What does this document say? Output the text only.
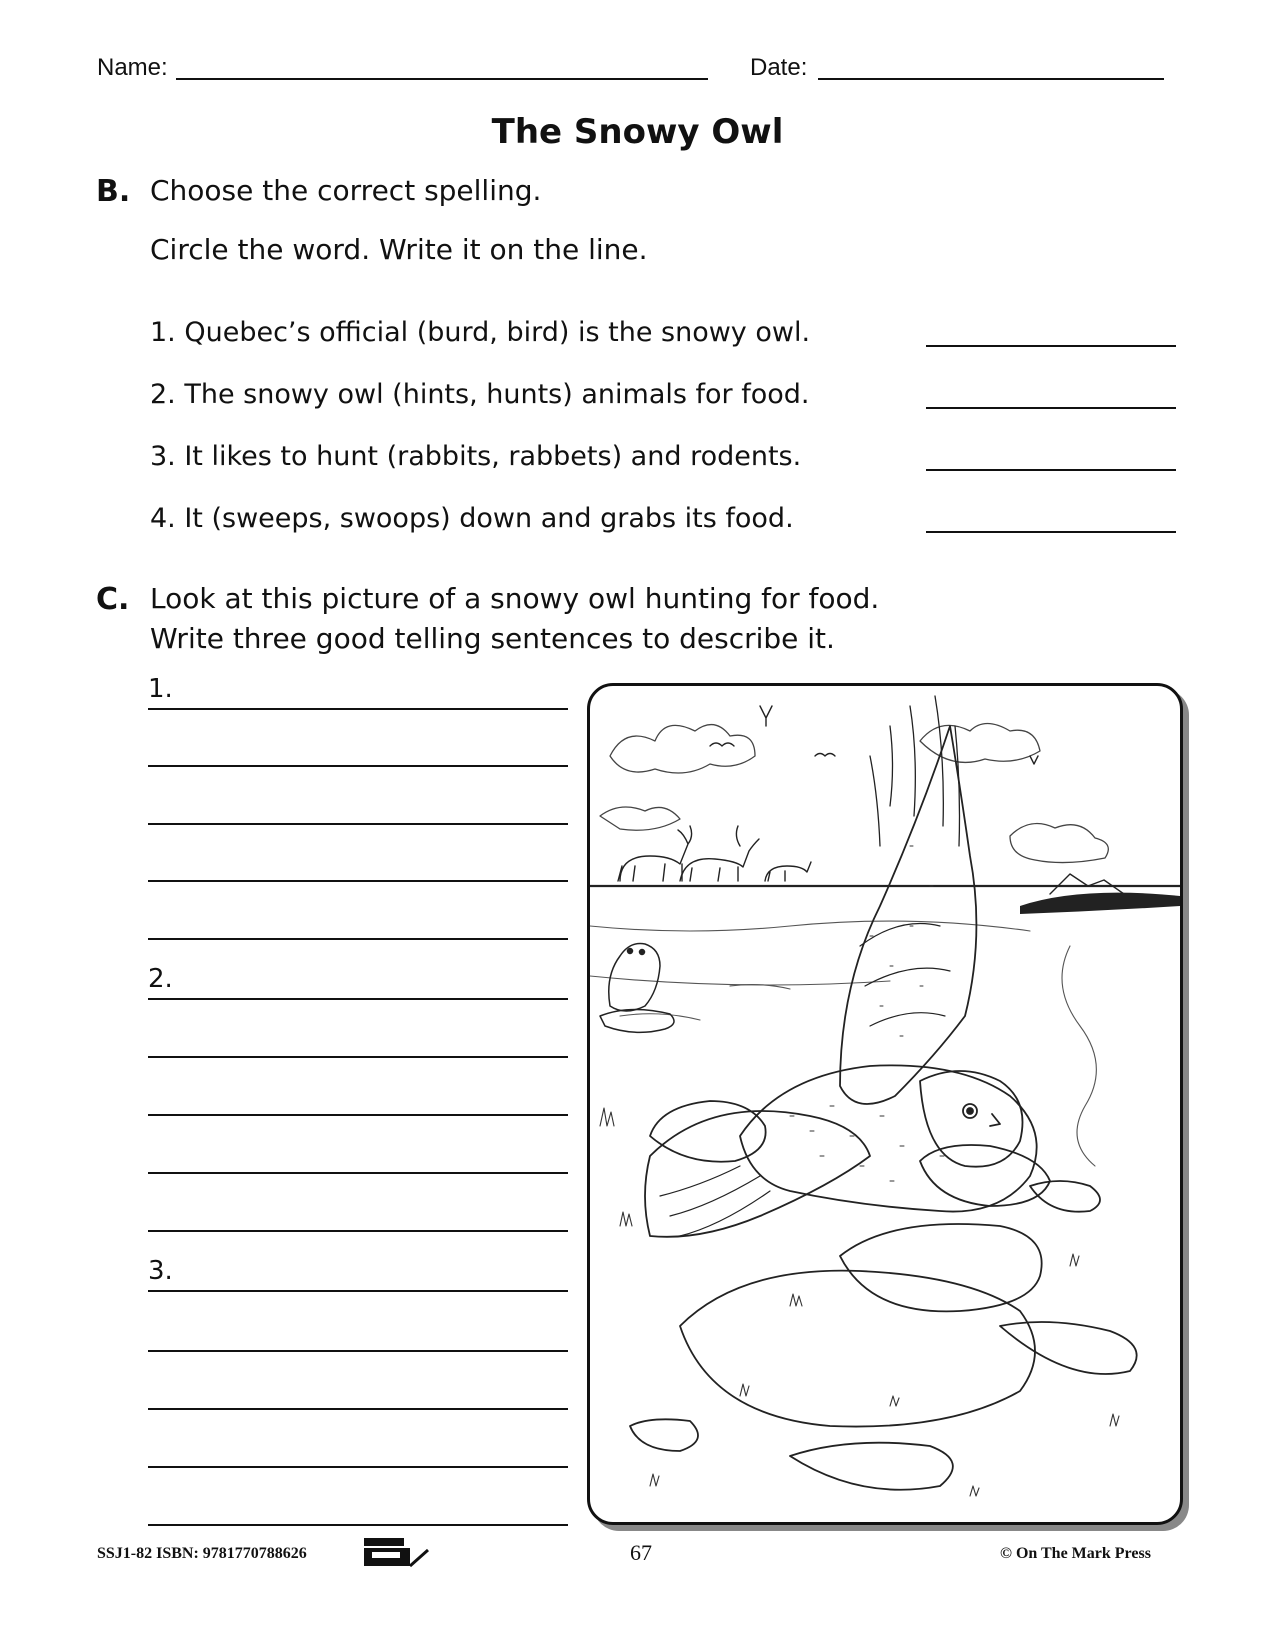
Name:	Date:
The Snowy Owl
B. Choose the correct spelling.
Circle the word. Write it on the line.
1. Quebec’s official (burd, bird) is the snowy owl.
2. The snowy owl (hints, hunts) animals for food.
3. It likes to hunt (rabbits, rabbets) and rodents.
4. It (sweeps, swoops) down and grabs its food.
C. Look at this picture of a snowy owl hunting for food.
Write three good telling sentences to describe it.
1.
2.
3.
SSJ1-82 ISBN: 9781770788626	67	© On The Mark Press
